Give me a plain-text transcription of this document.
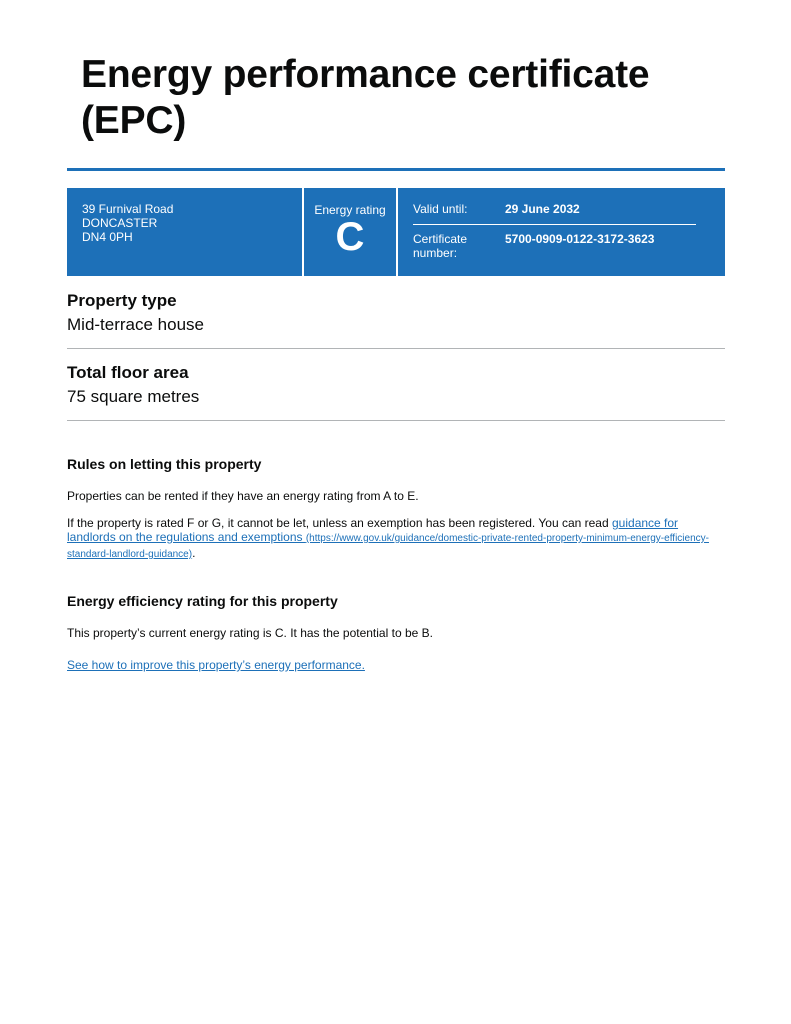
Energy performance certificate (EPC)
39 Furnival Road
DONCASTER
DN4 0PH
Energy rating
C
Valid until:	29 June 2032
Certificate number:
5700-0909-0122-3172-3623
Property type
Mid-terrace house
Total floor area
75 square metres
Rules on letting this property

Properties can be rented if they have an energy rating from A to E.

If the property is rated F or G, it cannot be let, unless an exemption has been registered. You can read guidance for landlords on the regulations and exemptions (https://www.gov.uk/guidance/domestic-private-rented-property-minimum-energy-efficiency-standard-landlord-guidance).

Energy efficiency rating for this property

This property’s current energy rating is C. It has the potential to be B.

See how to improve this property’s energy performance.
